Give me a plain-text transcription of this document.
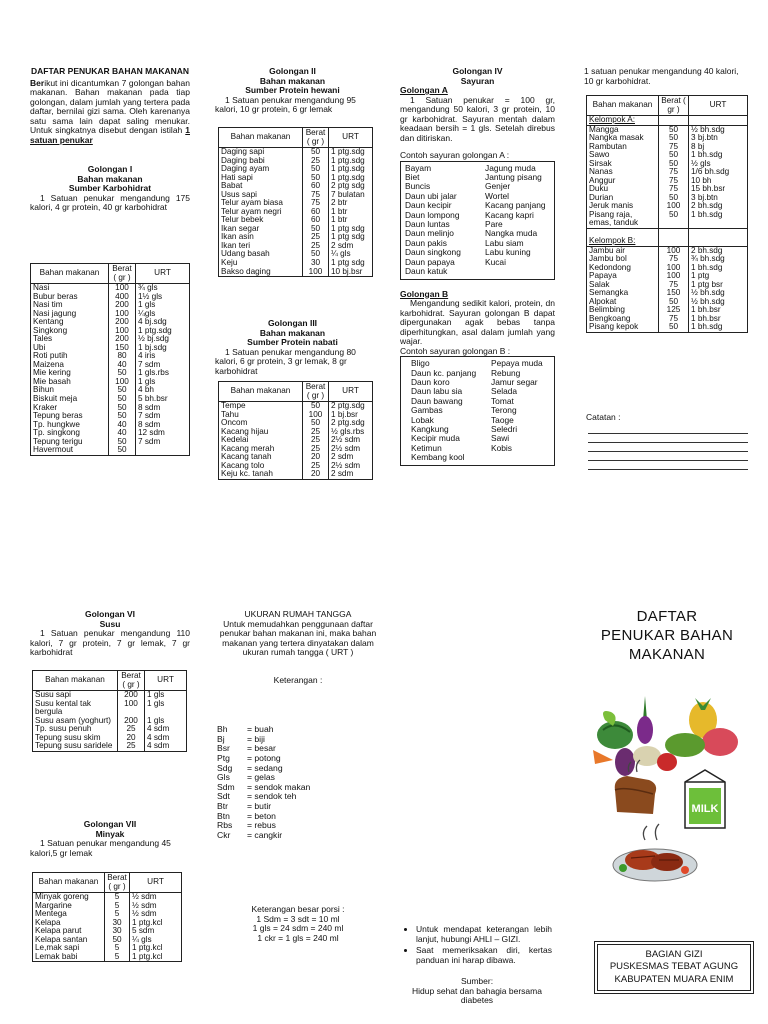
DAFTAR PENUKAR BAHAN MAKANAN

Berikut ini dicantumkan 7 golongan bahan makanan. Bahan makanan pada tiap golongan, dalam jumlah yang tertera pada daftar, bernilai gizi sama. Oleh karenanya satu sama lain dapat saling menukar. Untuk singkatnya disebut dengan istilah 1 satuan penukar

Golongan I

Bahan makanan

Sumber Karbohidrat

1 Satuan penukar mengandung 175 kalori, 4 gr protein, 40 gr karbohidrat

Bahan makanan	Berat ( gr )	URT
Nasi	100	¾ gls
Bubur beras	400	1½ gls
Nasi tim	200	1 gls
Nasi jagung	100	¼gls
Kentang	200	4 bj.sdg
Singkong	100	1 ptg.sdg
Tales	200	½ bj.sdg
Ubi	150	1 bj.sdg
Roti putih	80	4 iris
Maizena	40	7 sdm
Mie kering	50	1 gls.rbs
Mie basah	100	1 gls
Bihun	50	4 bh
Biskuit meja	50	5 bh.bsr
Kraker	50	8 sdm
Tepung beras	50	7 sdm
Tp. hungkwe	40	8 sdm
Tp. singkong	40	12 sdm
Tepung terigu	50	7 sdm
Havermout	50	

Golongan II

Bahan makanan

Sumber Protein hewani

1 Satuan penukar mengandung 95 kalori, 10 gr protein, 6 gr lemak

Bahan makanan	Berat ( gr )	URT
Daging sapi	50	1 ptg.sdg
Daging babi	25	1 ptg.sdg
Daging ayam	50	1 ptg.sdg
Hati sapi	50	1 ptg.sdg
Babat	60	2 ptg sdg
Usus sapi	75	7 bulatan
Telur ayam biasa	75	2 btr
Telur ayam negri	60	1 btr
Telur bebek	60	1 btr
Ikan segar	50	1 ptg sdg
Ikan asin	25	1 ptg sdg
Ikan teri	25	2 sdm
Udang basah	50	¼ gls
Keju	30	1 ptg sdg
Bakso daging	100	10 bj.bsr

Golongan III

Bahan makanan

Sumber Protein nabati

1 Satuan penukar mengandung 80 kalori, 6 gr protein, 3 gr lemak, 8 gr karbohidrat

Bahan makanan	Berat ( gr )	URT
Tempe	50	2 ptg.sdg
Tahu	100	1 bj.bsr
Oncom	50	2 ptg.sdg
Kacang hijau	25	½ gls.rbs
Kedelai	25	2½ sdm
Kacang merah	25	2½ sdm
Kacang tanah	20	2 sdm
Kacang tolo	25	2½ sdm
Keju kc. tanah	20	2 sdm

Golongan IV

Sayuran

Golongan A

1 Satuan penukar = 100 gr, mengandung 50 kalori, 3 gr protein, 10 gr karbohidrat. Sayuran mentah dalam keadaan bersih = 1 gls. Setelah direbus dan ditiriskan.

Contoh sayuran golongan A :

Bayam	Jagung muda
Biet	Jantung pisang
Buncis	Genjer
Daun ubi jalar	Wortel
Daun kecipir	Kacang panjang
Daun lompong	Kacang kapri
Daun luntas	Pare
Daun melinjo	Nangka muda
Daun pakis	Labu siam
Daun singkong	Labu kuning
Daun papaya	Kucai
Daun katuk

Golongan B

Mengandung sedikit kalori, protein, dn karbohidrat. Sayuran golongan B dapat dipergunakan agak bebas tanpa diperhitungkan, asal dalam jumlah yang wajar.

Contoh sayuran golongan B :

Bligo	Pepaya muda
Daun kc. panjang	Rebung
Daun koro	Jamur segar
Daun labu sia	Selada
Daun bawang	Tomat
Gambas	Terong
Lobak	Taoge
Kangkung	Seledri
Kecipir muda	Sawi
Ketimun	Kobis
Kembang kool

1 satuan penukar mengandung 40 kalori, 10 gr karbohidrat.

Bahan makanan	Berat ( gr )	URT
Kelompok A:		
Mangga	50	½ bh.sdg
Nangka masak	50	3 bj.btn
Rambutan	75	8 bj
Sawo	50	1 bh.sdg
Sirsak	50	½ gls
Nanas	75	1/6 bh.sdg
Anggur	75	10 bh
Duku	75	15 bh.bsr
Durian	50	3 bj.btn
Jeruk manis	100	2 bh.sdg
Pisang raja, emas, tanduk	50	1 bh.sdg

Kelompok B:		
Jambu air	100	2 bh.sdg
Jambu bol	75	¾ bh.sdg
Kedondong	100	1 bh.sdg
Papaya	100	1 ptg
Salak	75	1 ptg bsr
Semangka	150	½ bh.sdg
Alpokat	50	½ bh.sdg
Belimbing	125	1 bh.bsr
Bengkoang	75	1 bh.bsr
Pisang kepok	50	1 bh.sdg

Catatan :

Golongan VI

Susu

1 Satuan penukar mengandung 110 kalori, 7 gr protein, 7 gr lemak, 7 gr karbohidrat

Bahan makanan	Berat ( gr )	URT
Susu sapi	200	1 gls
Susu kental tak bergula	100	1 gls
Susu asam (yoghurt)	200	1 gls
Tp. susu penuh	25	4 sdm
Tepung susu skim	20	4 sdm
Tepung susu saridele	25	4 sdm

Golongan VII

Minyak

1 Satuan penukar mengandung 45 kalori,5 gr lemak

Bahan makanan	Berat ( gr )	URT
Minyak goreng	5	½ sdm
Margarine	5	½ sdm
Mentega	5	½ sdm
Kelapa	30	1 ptg.kcl
Kelapa parut	30	5 sdm
Kelapa santan	50	¼ gls
Le,mak sapi	5	1 ptg.kcl
Lemak babi	5	1 ptg.kcl

UKURAN RUMAH TANGGA

Untuk memudahkan penggunaan daftar penukar bahan makanan ini, maka bahan makanan yang tertera dinyatakan dalam ukuran rumah tangga ( URT )

Keterangan :

Bh	= buah
Bj	= biji
Bsr	= besar
Ptg	= potong
Sdg	= sedang
Gls	= gelas
Sdm	= sendok makan
Sdt	= sendok teh
Btr	= butir
Btn	= beton
Rbs	= rebus
Ckr	= cangkir

Keterangan besar porsi :

1 Sdm = 3 sdt = 10 ml

1 gls = 24 sdm = 240 ml

1 ckr = 1 gls = 240 ml

• Untuk mendapat keterangan lebih lanjut, hubungi AHLI – GIZI.
• Saat memeriksakan diri, kertas panduan ini harap dibawa.

Sumber:

Hidup sehat dan bahagia bersama diabetes

DAFTAR
PENUKAR BAHAN
MAKANAN
MILK
BAGIAN GIZI
PUSKESMAS TEBAT AGUNG
KABUPATEN MUARA ENIM
